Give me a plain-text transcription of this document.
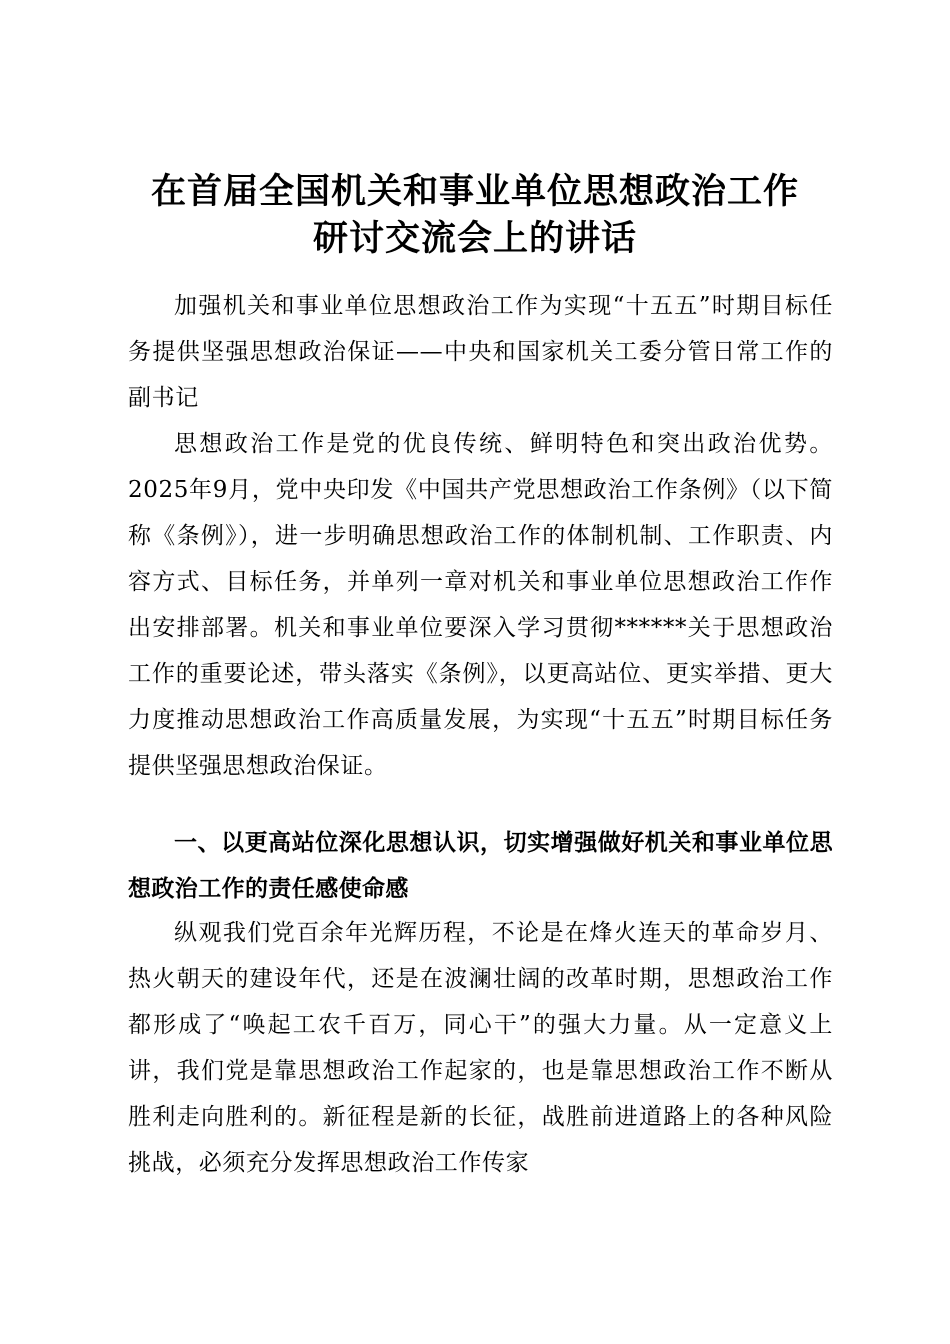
在首届全国机关和事业单位思想政治工作
研讨交流会上的讲话

加强机关和事业单位思想政治工作为实现“十五五”时期目标任务提供坚强思想政治保证——中央和国家机关工委分管日常工作的副书记

思想政治工作是党的优良传统、鲜明特色和突出政治优势。2025年9月，党中央印发《中国共产党思想政治工作条例》（以下简称《条例》），进一步明确思想政治工作的体制机制、工作职责、内容方式、目标任务，并单列一章对机关和事业单位思想政治工作作出安排部署。机关和事业单位要深入学习贯彻******关于思想政治工作的重要论述，带头落实《条例》，以更高站位、更实举措、更大力度推动思想政治工作高质量发展，为实现“十五五”时期目标任务提供坚强思想政治保证。

一、以更高站位深化思想认识，切实增强做好机关和事业单位思想政治工作的责任感使命感

纵观我们党百余年光辉历程，不论是在烽火连天的革命岁月、热火朝天的建设年代，还是在波澜壮阔的改革时期，思想政治工作都形成了“唤起工农千百万，同心干”的强大力量。从一定意义上讲，我们党是靠思想政治工作起家的，也是靠思想政治工作不断从胜利走向胜利的。新征程是新的长征，战胜前进道路上的各种风险挑战，必须充分发挥思想政治工作传家
